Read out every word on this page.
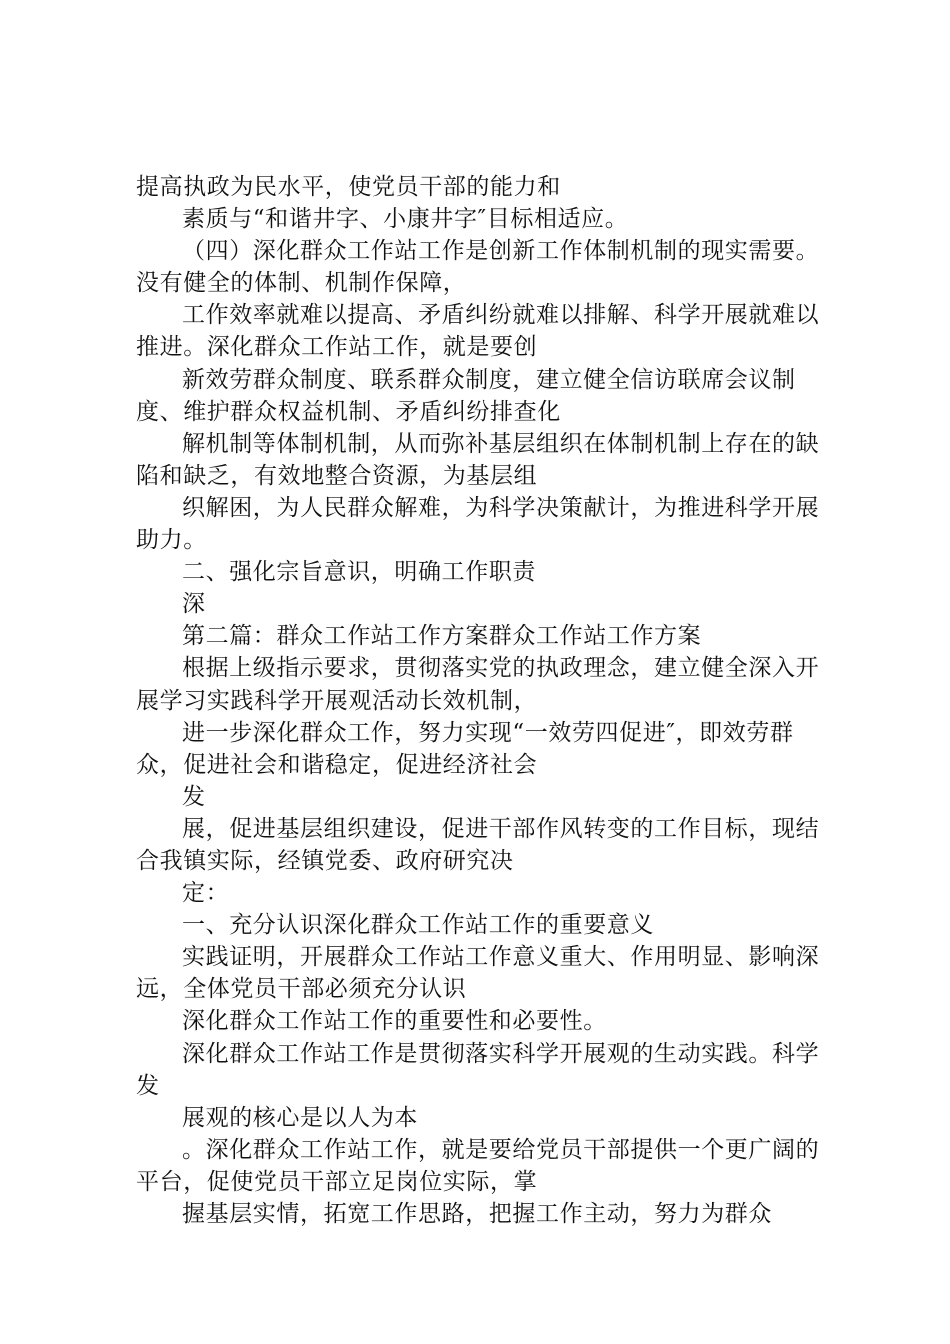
提高执政为民水平，使党员干部的能力和

素质与“和谐井字、小康井字″目标相适应。

（四）深化群众工作站工作是创新工作体制机制的现实需要。没有健全的体制、机制作保障，

工作效率就难以提高、矛盾纠纷就难以排解、科学开展就难以推进。深化群众工作站工作，就是要创

新效劳群众制度、联系群众制度，建立健全信访联席会议制度、维护群众权益机制、矛盾纠纷排查化

解机制等体制机制，从而弥补基层组织在体制机制上存在的缺陷和缺乏，有效地整合资源，为基层组

织解困，为人民群众解难，为科学决策献计，为推进科学开展助力。

二、强化宗旨意识，明确工作职责

深

第二篇：群众工作站工作方案群众工作站工作方案

根据上级指示要求，贯彻落实党的执政理念，建立健全深入开展学习实践科学开展观活动长效机制，

进一步深化群众工作，努力实现“一效劳四促进″，即效劳群众，促进社会和谐稳定，促进经济社会

发

展，促进基层组织建设，促进干部作风转变的工作目标，现结合我镇实际，经镇党委、政府研究决

定：

一、充分认识深化群众工作站工作的重要意义

实践证明，开展群众工作站工作意义重大、作用明显、影响深远，全体党员干部必须充分认识

深化群众工作站工作的重要性和必要性。

深化群众工作站工作是贯彻落实科学开展观的生动实践。科学发

展观的核心是以人为本

。深化群众工作站工作，就是要给党员干部提供一个更广阔的平台，促使党员干部立足岗位实际，掌

握基层实情，拓宽工作思路，把握工作主动，努力为群众
